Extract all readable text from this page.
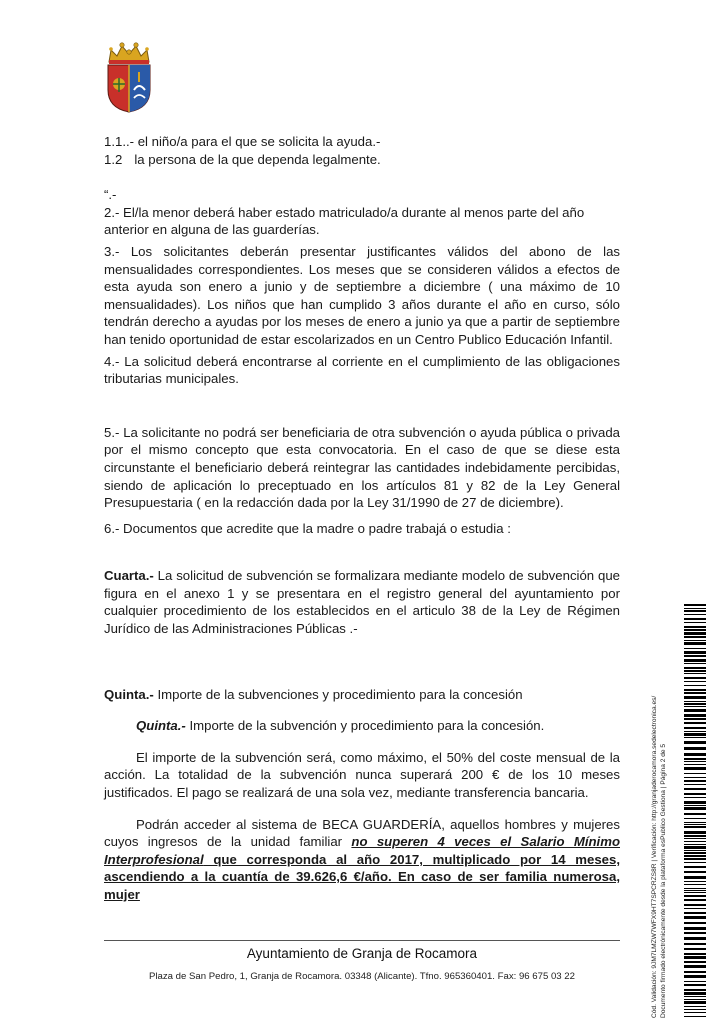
1.1..- el niño/a para el que se solicita la ayuda.-

1.2 la persona de la que dependa legalmente.

“.-

2.- El/la menor deberá haber estado matriculado/a durante al menos parte del año anterior en alguna de las guarderías.

3.- Los solicitantes deberán presentar justificantes válidos del abono de las mensualidades correspondientes. Los meses que se consideren válidos a efectos de esta ayuda son enero a junio y de septiembre a diciembre ( una máximo de 10 mensualidades). Los niños que han cumplido 3 años durante el año en curso, sólo tendrán derecho a ayudas por los meses de enero a junio ya que a partir de septiembre han tenido oportunidad de estar escolarizados en un Centro Publico Educación Infantil.

4.- La solicitud deberá encontrarse al corriente en el cumplimiento de las obligaciones tributarias municipales.

5.- La solicitante no podrá ser beneficiaria de otra subvención o ayuda pública o privada por el mismo concepto que esta convocatoria. En el caso de que se diese esta circunstante el beneficiario deberá reintegrar las cantidades indebidamente percibidas, siendo de aplicación lo preceptuado en los artículos 81 y 82 de la Ley General Presupuestaria ( en la redacción dada por la Ley 31/1990 de 27 de diciembre).

6.- Documentos que acredite que la madre o padre trabajá o estudia :

Cuarta.- La solicitud de subvención se formalizara mediante modelo de subvención que figura en el anexo 1 y se presentara en el registro general del ayuntamiento por cualquier procedimiento de los establecidos en el articulo 38 de la Ley de Régimen Jurídico de las Administraciones Públicas .-

Quinta.- Importe de la subvenciones y procedimiento para la concesión

Quinta.- Importe de la subvención y procedimiento para la concesión.

El importe de la subvención será, como máximo, el 50% del coste mensual de la acción. La totalidad de la subvención nunca superará 200 € de los 10 meses justificados. El pago se realizará de una sola vez, mediante transferencia bancaria.

Podrán acceder al sistema de BECA GUARDERÍA, aquellos hombres y mujeres cuyos ingresos de la unidad familiar no superen 4 veces el Salario Mínimo Interprofesional que corresponda al año 2017, multiplicado por 14 meses, ascendiendo a la cuantía de 39.626,6 €/año. En caso de ser familia numerosa, mujer

Ayuntamiento de Granja de Rocamora
Plaza de San Pedro, 1, Granja de Rocamora. 03348 (Alicante). Tfno. 965360401. Fax: 96 675 03 22	Cód. Validación: 9JM7LMZW7WFX9HT7SPCRZS8R | Verificación: http://granjaderocamora.sedelectronica.es/ Documento firmado electrónicamente desde la plataforma esPublico Gestiona | Página 2 de 5
